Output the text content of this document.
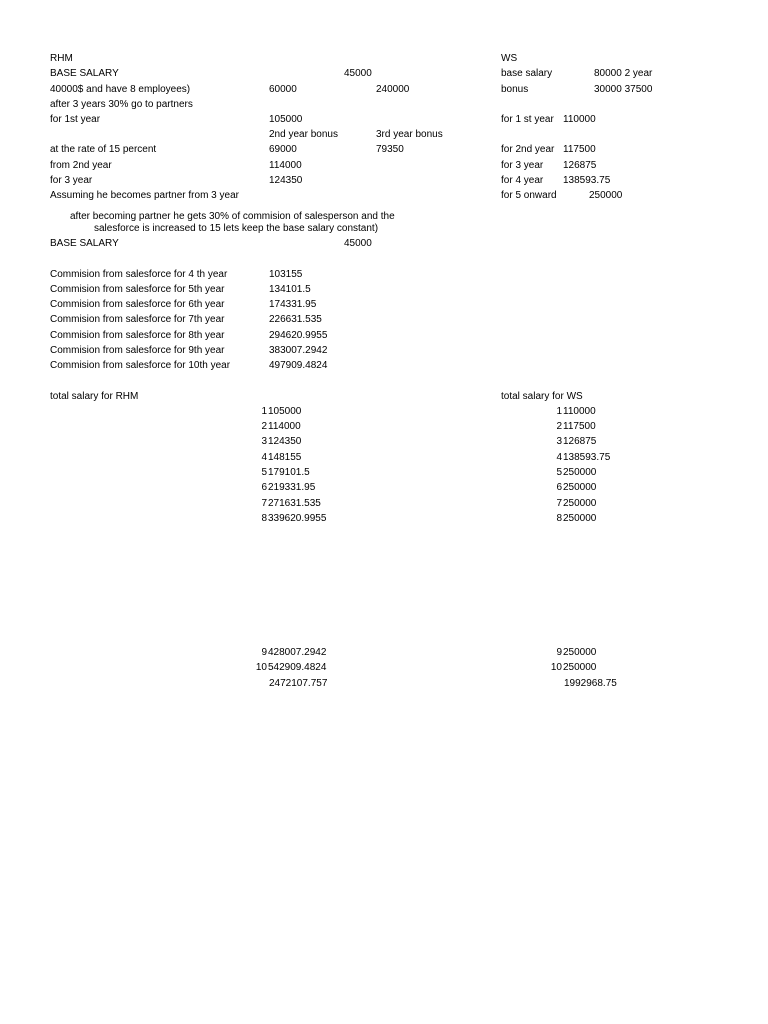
RHM
BASE SALARY	45000
40000$ and have 8 employees)	60000	240000
after 3 years 30% go to partners
for 1st year	105000
2nd year bonus	3rd year bonus
at the rate of 15 percent	69000	79350
from 2nd year	114000
for 3 year	124350
Assuming he becomes partner from 3 year
after becoming partner he gets 30% of commision of salesperson and the
salesforce is increased to 15 lets keep the base salary constant)
BASE SALARY	45000
Commision from salesforce for 4 th year	103155
Commision from salesforce for 5th year	134101.5
Commision from salesforce for 6th year	174331.95
Commision from salesforce for 7th year	226631.535
Commision from salesforce for 8th year	294620.9955
Commision from salesforce for 9th year	383007.2942
Commision from salesforce for 10th year	497909.4824
total salary for RHM
1 105000
2 114000
3 124350
4 148155
5 179101.5
6 219331.95
7 271631.535
8 339620.9955
9 428007.2942
10 542909.4824
2472107.757
WS
base salary	80000 2 year
bonus	30000 37500
for 1 st year 110000
for 2nd year 117500
for 3 year 126875
for 4 year 138593.75
for 5 onward	250000
total salary for WS
1 110000
2 117500
3 126875
4 138593.75
5 250000
6 250000
7 250000
8 250000
9 250000
10 250000
1992968.75
